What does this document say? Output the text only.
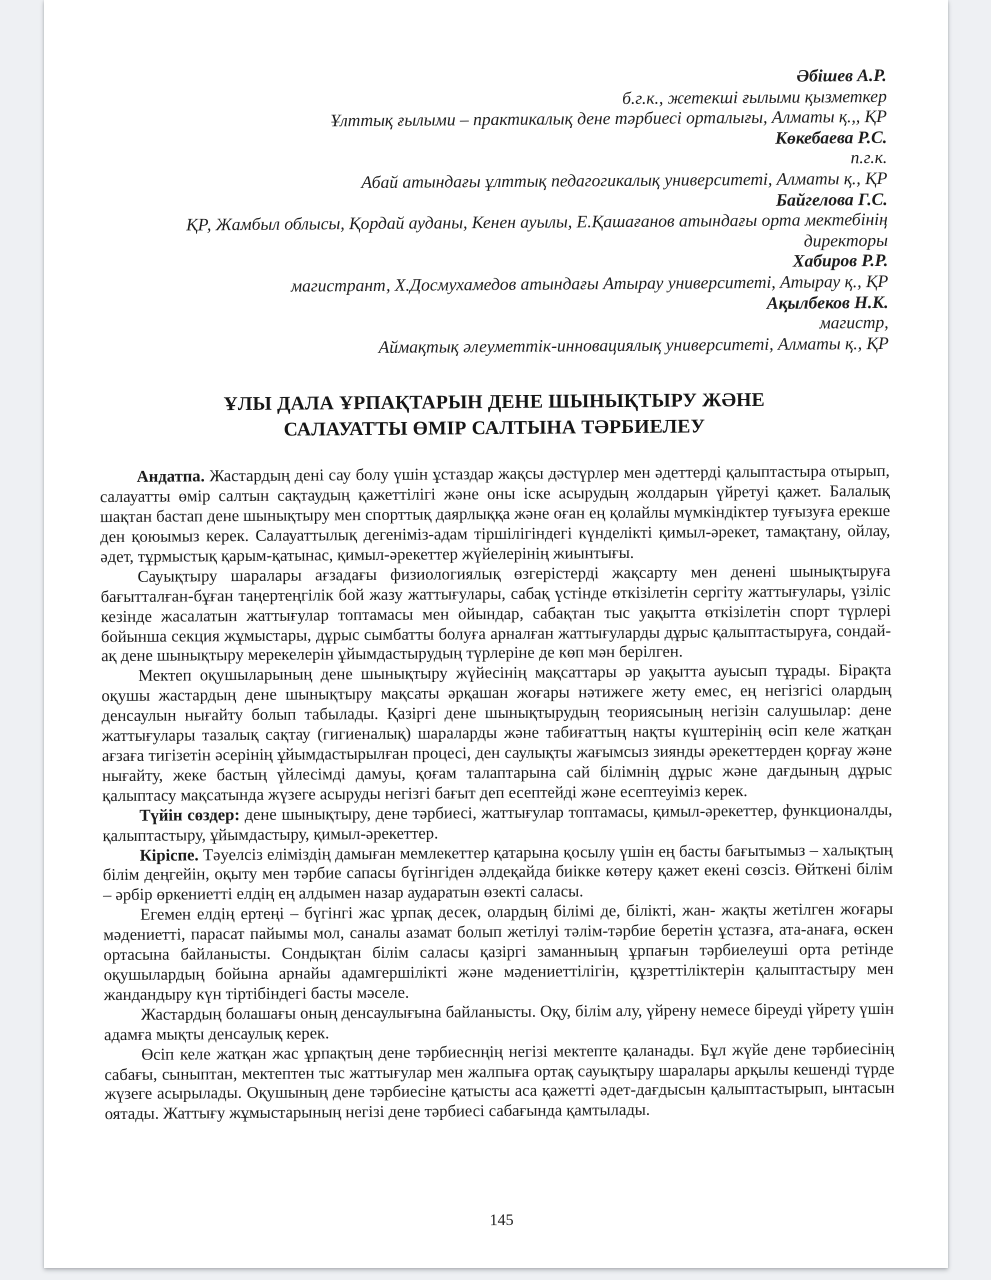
Әбішев А.Р.
б.г.к., жетекші ғылыми қызметкер
Ұлттық ғылыми – практикалық дене тәрбиесі орталығы, Алматы қ.,, ҚР
Көкебаева Р.С.
п.г.к.
Абай атындағы ұлттық педагогикалық университеті, Алматы қ., ҚР
Байгелова Г.С.
ҚР, Жамбыл облысы, Қордай ауданы, Кенен ауылы, Е.Қашағанов атындағы орта мектебінің директоры
Хабиров Р.Р.
магистрант, Х.Досмухамедов атындағы Атырау университеті, Атырау қ., ҚР
Ақылбеков Н.К.
магистр,
Аймақтық әлеуметтік-инновациялық университеті, Алматы қ., ҚР
ҰЛЫ ДАЛА ҰРПАҚТАРЫН ДЕНЕ ШЫНЫҚТЫРУ ЖӘНЕ
САЛАУАТТЫ ӨМІР САЛТЫНА ТӘРБИЕЛЕУ

Андатпа. Жастардың дені сау болу үшін ұстаздар жақсы дәстүрлер мен әдеттерді қалыптастыра отырып, салауатты өмір салтын сақтаудың қажеттілігі және оны іске асырудың жолдарын үйретуі қажет. Балалық шақтан бастап дене шынықтыру мен спорттық даярлыққа және оған ең қолайлы мүмкіндіктер туғызуға ерекше ден қоюымыз керек. Салауаттылық дегеніміз-адам тіршілігіндегі күнделікті қимыл-әрекет, тамақтану, ойлау, әдет, тұрмыстық қарым-қатынас, қимыл-әрекеттер жүйелерінің жиынтығы.

Сауықтыру шаралары ағзадағы физиологиялық өзгерістерді жақсарту мен денені шынықтыруға бағытталған-бұған таңертеңгілік бой жазу жаттығулары, сабақ үстінде өткізілетін сергіту жаттығулары, үзіліс кезінде жасалатын жаттығулар топтамасы мен ойындар, сабақтан тыс уақытта өткізілетін спорт түрлері бойынша секция жұмыстары, дұрыс сымбатты болуға арналған жаттығуларды дұрыс қалыптастыруға, сондай-ақ дене шынықтыру мерекелерін ұйымдастырудың түрлеріне де көп мән берілген.

Мектеп оқушыларының дене шынықтыру жүйесінің мақсаттары әр уақытта ауысып тұрады. Бірақта оқушы жастардың дене шынықтыру мақсаты әрқашан жоғары нәтижеге жету емес, ең негізгісі олардың денсаулын нығайту болып табылады. Қазіргі дене шынықтырудың теориясының негізін салушылар: дене жаттығулары тазалық сақтау (гигиеналық) шараларды және табиғаттың нақты күштерінің өсіп келе жатқан ағзаға тигізетін әсерінің ұйымдастырылған процесі, ден саулықты жағымсыз зиянды әрекеттерден қорғау және нығайту, жеке бастың үйлесімді дамуы, қоғам талаптарына сай білімнің дұрыс және дағдының дұрыс қалыптасу мақсатында жүзеге асыруды негізгі бағыт деп есептейді және есептеуіміз керек.

Түйін сөздер: дене шынықтыру, дене тәрбиесі, жаттығулар топтамасы, қимыл-әрекеттер, функционалды, қалыптастыру, ұйымдастыру, қимыл-әрекеттер.

Кіріспе. Тәуелсіз еліміздің дамыған мемлекеттер қатарына қосылу үшін ең басты бағытымыз – халықтың білім деңгейін, оқыту мен тәрбие сапасы бүгінгіден әлдеқайда биікке көтеру қажет екені сөзсіз. Өйткені білім – әрбір өркениетті елдің ең алдымен назар аударатын өзекті саласы.

Егемен елдің ертеңі – бүгінгі жас ұрпақ десек, олардың білімі де, білікті, жан- жақты жетілген жоғары мәдениетті, парасат пайымы мол, саналы азамат болып жетілуі тәлім-тәрбие беретін ұстазға, ата-анаға, өскен ортасына байланысты. Сондықтан білім саласы қазіргі заманныың ұрпағын тәрбиелеуші орта ретінде оқушылардың бойына арнайы адамгершілікті және мәдениеттілігін, құзреттіліктерін қалыптастыру мен жандандыру күн тіртібіндегі басты мәселе.

Жастардың болашағы оның денсаулығына байланысты. Оқу, білім алу, үйрену немесе біреуді үйрету үшін адамға мықты денсаулық керек.

Өсіп келе жатқан жас ұрпақтың дене тәрбиеснңің негізі мектепте қаланады. Бұл жүйе дене тәрбиесінің сабағы, сыныптан, мектептен тыс жаттығулар мен жалпыға ортақ сауықтыру шаралары арқылы кешенді түрде жүзеге асырылады. Оқушының дене тәрбиесіне қатысты аса қажетті әдет-дағдысын қалыптастырып, ынтасын оятады. Жаттығу жұмыстарының негізі дене тәрбиесі сабағында қамтылады.

145
